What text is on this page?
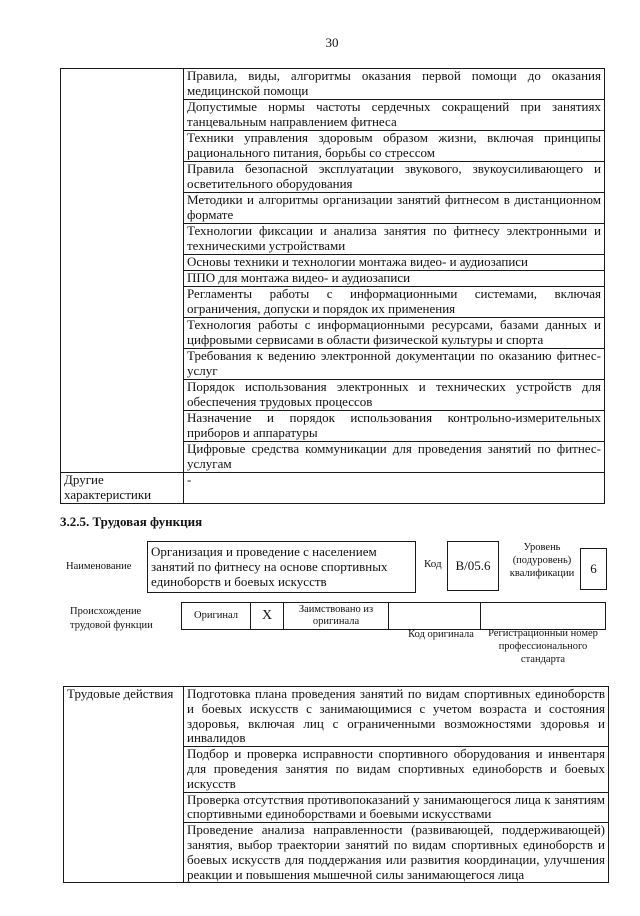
30
	Правила, виды, алгоритмы оказания первой помощи до оказания медицинской помощи
	Допустимые нормы частоты сердечных сокращений при занятиях танцевальным направлением фитнеса
	Техники управления здоровым образом жизни, включая принципы рационального питания, борьбы со стрессом
	Правила безопасной эксплуатации звукового, звукоусиливающего и осветительного оборудования
	Методики и алгоритмы организации занятий фитнесом в дистанционном формате
	Технологии фиксации и анализа занятия по фитнесу электронными и техническими устройствами
	Основы техники и технологии монтажа видео- и аудиозаписи
	ППО для монтажа видео- и аудиозаписи
	Регламенты работы с информационными системами, включая ограничения, допуски и порядок их применения
	Технология работы с информационными ресурсами, базами данных и цифровыми сервисами в области физической культуры и спорта
	Требования к ведению электронной документации по оказанию фитнес-услуг
	Порядок использования электронных и технических устройств для обеспечения трудовых процессов
	Назначение и порядок использования контрольно-измерительных приборов и аппаратуры
	Цифровые средства коммуникации для проведения занятий по фитнес-услугам
Другие характеристики	-
3.2.5. Трудовая функция
Наименование
Организация и проведение с населением занятий по фитнесу на основе спортивных единоборств и боевых искусств
Код В/05.6
Уровень (подуровень) квалификации	6
Происхождение трудовой функции
Оригинал	X	Заимствовано из оригинала		
Код оригинала	Регистрационный номер профессионального стандарта
Трудовые действия	Подготовка плана проведения занятий по видам спортивных единоборств и боевых искусств с занимающимися с учетом возраста и состояния здоровья, включая лиц с ограниченными возможностями здоровья и инвалидов
Подбор и проверка исправности спортивного оборудования и инвентаря для проведения занятия по видам спортивных единоборств и боевых искусств
Проверка отсутствия противопоказаний у занимающегося лица к занятиям спортивными единоборствами и боевыми искусствами
Проведение анализа направленности (развивающей, поддерживающей) занятия, выбор траектории занятий по видам спортивных единоборств и боевых искусств для поддержания или развития координации, улучшения реакции и повышения мышечной силы занимающегося лица
